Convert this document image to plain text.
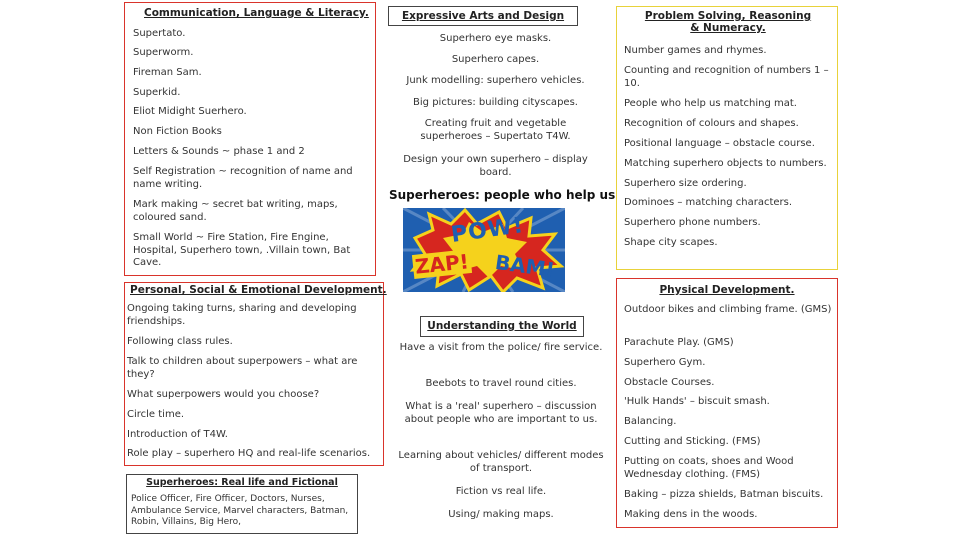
Communication, Language & Literacy.

Supertato.

Superworm.

Fireman Sam.

Superkid.

Eliot Midight Suerhero.

Non Fiction Books

Letters & Sounds ~ phase 1 and 2

Self Registration ~ recognition of name and name writing.

Mark making ~ secret bat writing, maps, coloured sand.

Small World ~ Fire Station, Fire Engine, Hospital, Superhero town, .Villain town, Bat Cave.

Expressive Arts and Design

Superhero eye masks.

Superhero capes.

Junk modelling: superhero vehicles.

Big pictures: building cityscapes.

Creating fruit and vegetable superheroes – Supertato T4W.

Design your own superhero – display board.

Problem Solving, Reasoning & Numeracy.

Number games and rhymes.

Counting and recognition of numbers 1 – 10.

People who help us matching mat.

Recognition of colours and shapes.

Positional language – obstacle course.

Matching superhero objects to numbers.

Superhero size ordering.

Dominoes – matching characters.

Superhero phone numbers.

Shape city scapes.

Superheroes: people who help us
POW!
ZAP! BAM!
Personal, Social & Emotional Development.

Ongoing taking turns, sharing and developing friendships.

Following class rules.

Talk to children about superpowers – what are they?

What superpowers would you choose?

Circle time.

Introduction of T4W.

Role play – superhero HQ and real-life scenarios.

Superheroes: Real life and Fictional

Police Officer, Fire Officer, Doctors, Nurses, Ambulance Service, Marvel characters, Batman, Robin, Villains, Big Hero,

Understanding the World

Have a visit from the police/ fire service.

Beebots to travel round cities.

What is a 'real' superhero – discussion about people who are important to us.

Learning about vehicles/ different modes of transport.

Fiction vs real life.

Using/ making maps.

Physical Development.

Outdoor bikes and climbing frame. (GMS)

Parachute Play. (GMS)

Superhero Gym.

Obstacle Courses.

'Hulk Hands' – biscuit smash.

Balancing.

Cutting and Sticking. (FMS)

Putting on coats, shoes and Wood Wednesday clothing. (FMS)

Baking – pizza shields, Batman biscuits.

Making dens in the woods.
